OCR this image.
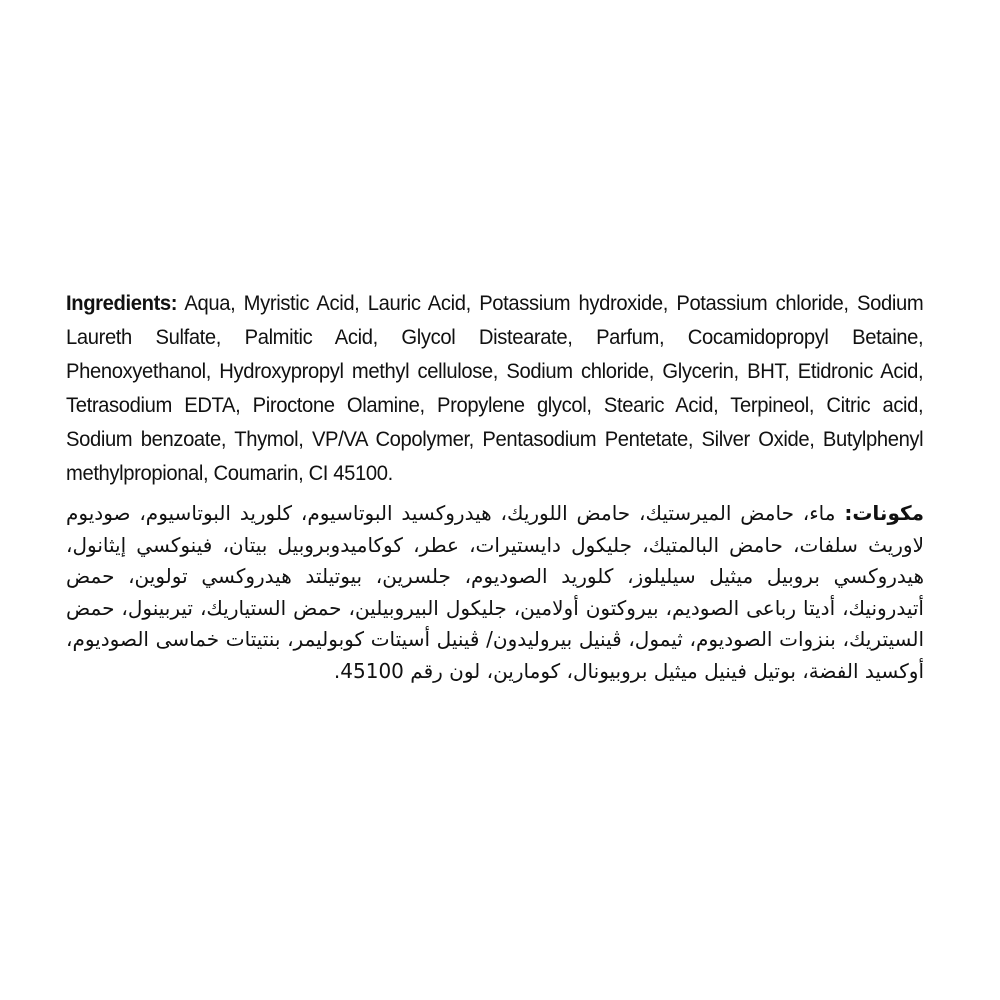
Ingredients: Aqua, Myristic Acid, Lauric Acid, Potassium hydroxide, Potassium chloride, Sodium Laureth Sulfate, Palmitic Acid, Glycol Distearate, Parfum, Cocamidopropyl Betaine, Phenoxyethanol, Hydroxypropyl methyl cellulose, Sodium chloride, Glycerin, BHT, Etidronic Acid, Tetrasodium EDTA, Piroctone Olamine, Propylene glycol, Stearic Acid, Terpineol, Citric acid, Sodium benzoate, Thymol, VP/VA Copolymer, Pentasodium Pentetate, Silver Oxide, Butylphenyl methylpropional, Coumarin, CI 45100.
مكونات: ماء، حامض الميرستيك، حامض اللوريك، هيدروكسيد البوتاسيوم، كلوريد البوتاسيوم، صوديوم لاوريث سلفات، حامض البالمتيك، جليكول دايستيرات، عطر، كوكاميدوبروبيل بيتان، فينوكسي إيثانول، هيدروكسي بروبيل ميثيل سيليلوز، كلوريد الصوديوم، جلسرين، بيوتيلتد هيدروكسي تولوين، حمض أتيدرونيك، أديتا رباعى الصوديم، بيروكتون أولامين، جليكول البيروبيلين، حمض الستياريك، تيربينول، حمض السيتريك، بنزوات الصوديوم، ثيمول، ڤينيل بيروليدون/ ڤينيل أسيتات كوبوليمر، بنتيتات خماسى الصوديوم، أوكسيد الفضة، بوتيل فينيل ميثيل بروبيونال، كومارين، لون رقم 45100.
